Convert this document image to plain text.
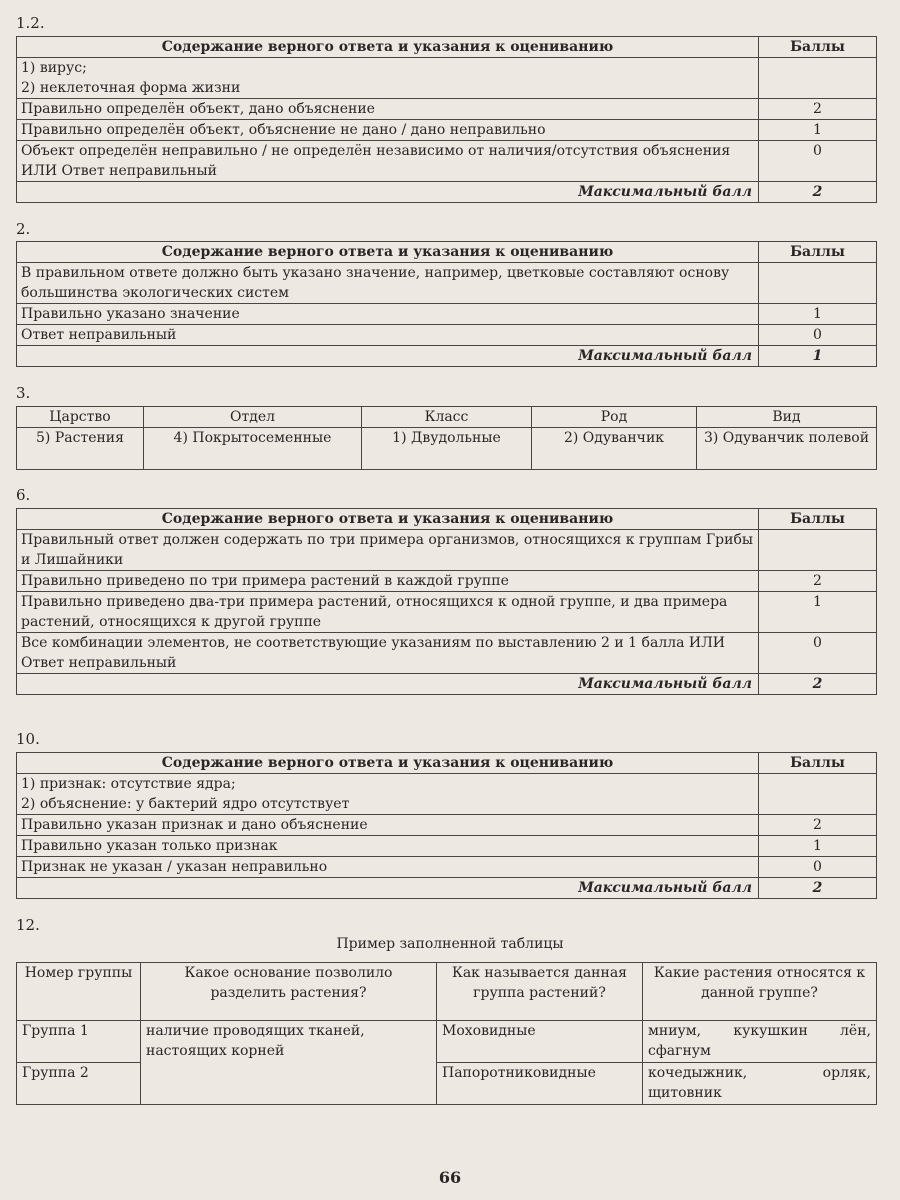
1.2.
Содержание верного ответа и указания к оцениванию	Баллы
1) вирус;
2) неклеточная форма жизни	
Правильно определён объект, дано объяснение	2
Правильно определён объект, объяснение не дано / дано неправильно	1
Объект определён неправильно / не определён независимо от наличия/отсутствия объяснения ИЛИ Ответ неправильный	0
Максимальный балл	2
2.
Содержание верного ответа и указания к оцениванию	Баллы
В правильном ответе должно быть указано значение, например, цветковые составляют основу большинства экологических систем	
Правильно указано значение	1
Ответ неправильный	0
Максимальный балл	1
3.
Царство	Отдел	Класс	Род	Вид
5) Растения	4) Покрытосеменные	1) Двудольные	2) Одуванчик	3) Одуванчик полевой
6.
Содержание верного ответа и указания к оцениванию	Баллы
Правильный ответ должен содержать по три примера организмов, относящихся к группам Грибы и Лишайники	
Правильно приведено по три примера растений в каждой группе	2
Правильно приведено два-три примера растений, относящихся к одной группе, и два примера растений, относящихся к другой группе	1
Все комбинации элементов, не соответствующие указаниям по выставлению 2 и 1 балла ИЛИ Ответ неправильный	0
Максимальный балл	2
10.
Содержание верного ответа и указания к оцениванию	Баллы
1) признак: отсутствие ядра;
2) объяснение: у бактерий ядро отсутствует	
Правильно указан признак и дано объяснение	2
Правильно указан только признак	1
Признак не указан / указан неправильно	0
Максимальный балл	2
12.
Пример заполненной таблицы
Номер группы	Какое основание позволило разделить растения?	Как называется данная группа растений?	Какие растения относятся к данной группе?
Группа 1	наличие проводящих тканей, настоящих корней	Моховидные	мниум, кукушкин лён, сфагнум
Группа 2		Папоротниковидные	кочедыжник, орляк, щитовник
66
